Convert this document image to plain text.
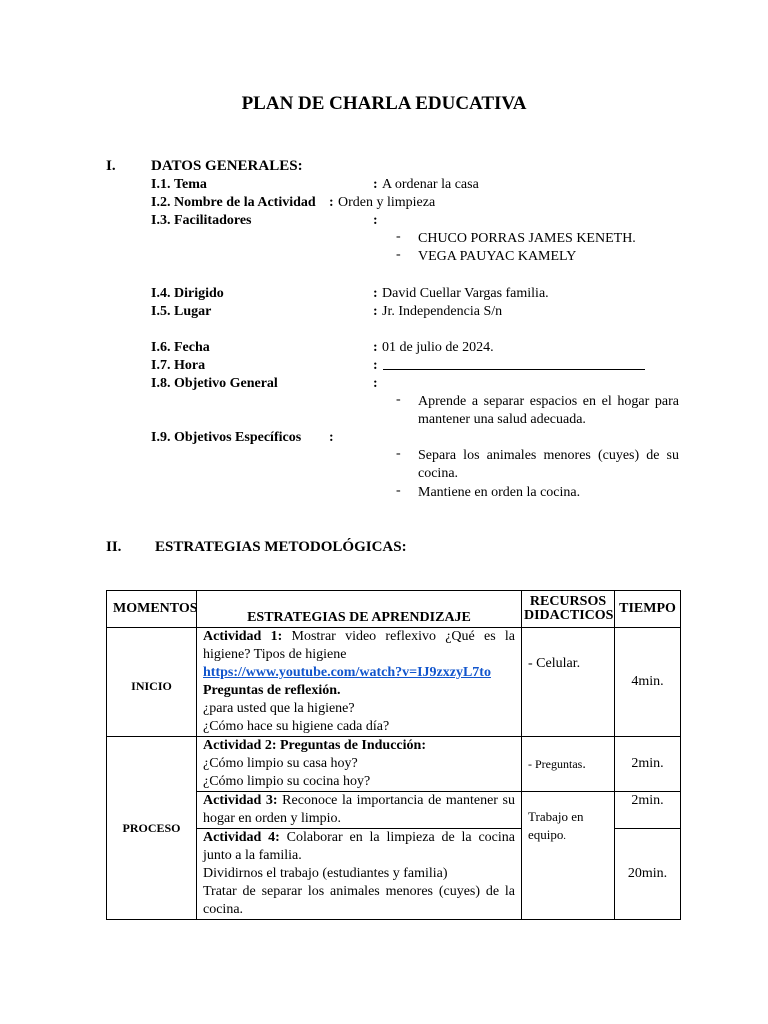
PLAN DE CHARLA EDUCATIVA
I. DATOS GENERALES:
I.1. Tema	: A ordenar la casa
I.2. Nombre de la Actividad : Orden y limpieza
I.3. Facilitadores	:
- CHUCO PORRAS JAMES KENETH.
- VEGA PAUYAC KAMELY
I.4. Dirigido	: David Cuellar Vargas familia.
I.5. Lugar	: Jr. Independencia S/n
I.6. Fecha	: 01 de julio de 2024.
I.7. Hora	:
I.8. Objetivo General	:
- Aprende a separar espacios en el hogar para mantener una salud adecuada.
I.9. Objetivos Específicos :
- Separa los animales menores (cuyes) de su cocina.
- Mantiene en orden la cocina.
II. ESTRATEGIAS METODOLÓGICAS:
MOMENTOS	ESTRATEGIAS DE APRENDIZAJE	RECURSOS DIDACTICOS	TIEMPO
INICIO	Actividad 1: Mostrar video reflexivo ¿Qué es la higiene? Tipos de higiene
https://www.youtube.com/watch?v=IJ9zxzyL7to
Preguntas de reflexión.
¿para usted que la higiene?
¿Cómo hace su higiene cada día?	- Celular.	4min.
PROCESO	Actividad 2: Preguntas de Inducción:
¿Cómo limpio su casa hoy?
¿Cómo limpio su cocina hoy?	- Preguntas.	2min.
	Actividad 3: Reconoce la importancia de mantener su hogar en orden y limpio.	Trabajo en equipo.	2min.

	Actividad 4: Colaborar en la limpieza de la cocina junto a la familia.
Dividirnos el trabajo (estudiantes y familia)
Tratar de separar los animales menores (cuyes) de la cocina.		20min.
